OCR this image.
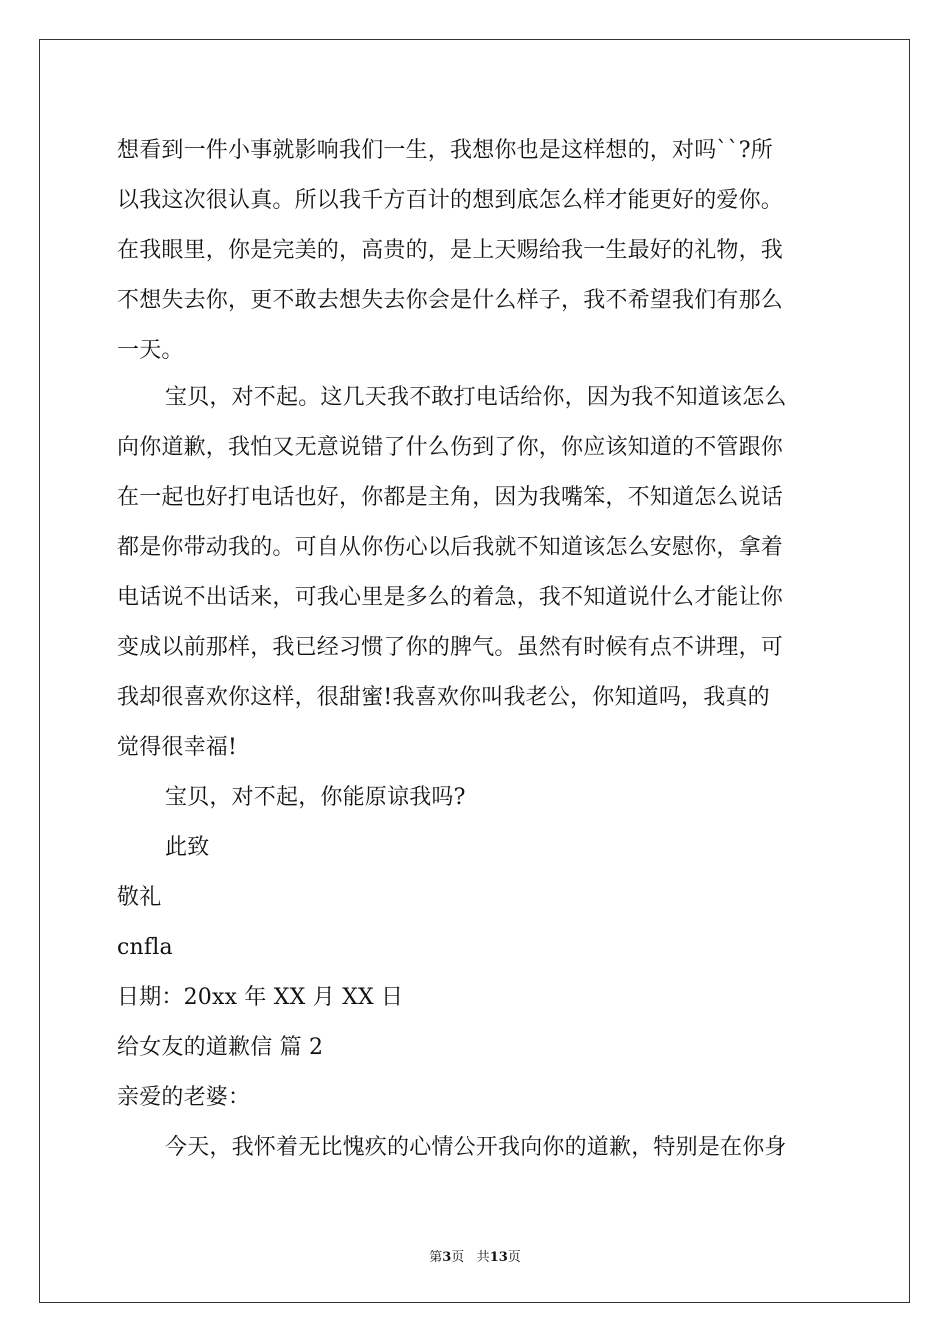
想看到一件小事就影响我们一生，我想你也是这样想的，对吗``?所
以我这次很认真。所以我千方百计的想到底怎么样才能更好的爱你。
在我眼里，你是完美的，高贵的，是上天赐给我一生最好的礼物，我
不想失去你，更不敢去想失去你会是什么样子，我不希望我们有那么
一天。
宝贝，对不起。这几天我不敢打电话给你，因为我不知道该怎么
向你道歉，我怕又无意说错了什么伤到了你，你应该知道的不管跟你
在一起也好打电话也好，你都是主角，因为我嘴笨，不知道怎么说话
都是你带动我的。可自从你伤心以后我就不知道该怎么安慰你，拿着
电话说不出话来，可我心里是多么的着急，我不知道说什么才能让你
变成以前那样，我已经习惯了你的脾气。虽然有时候有点不讲理，可
我却很喜欢你这样，很甜蜜!我喜欢你叫我老公，你知道吗，我真的
觉得很幸福!
宝贝，对不起，你能原谅我吗?
此致
敬礼
cnfla
日期：20xx 年 XX 月 XX 日
给女友的道歉信 篇 2
亲爱的老婆：
今天，我怀着无比愧疚的心情公开我向你的道歉，特别是在你身
第3页 共13页
